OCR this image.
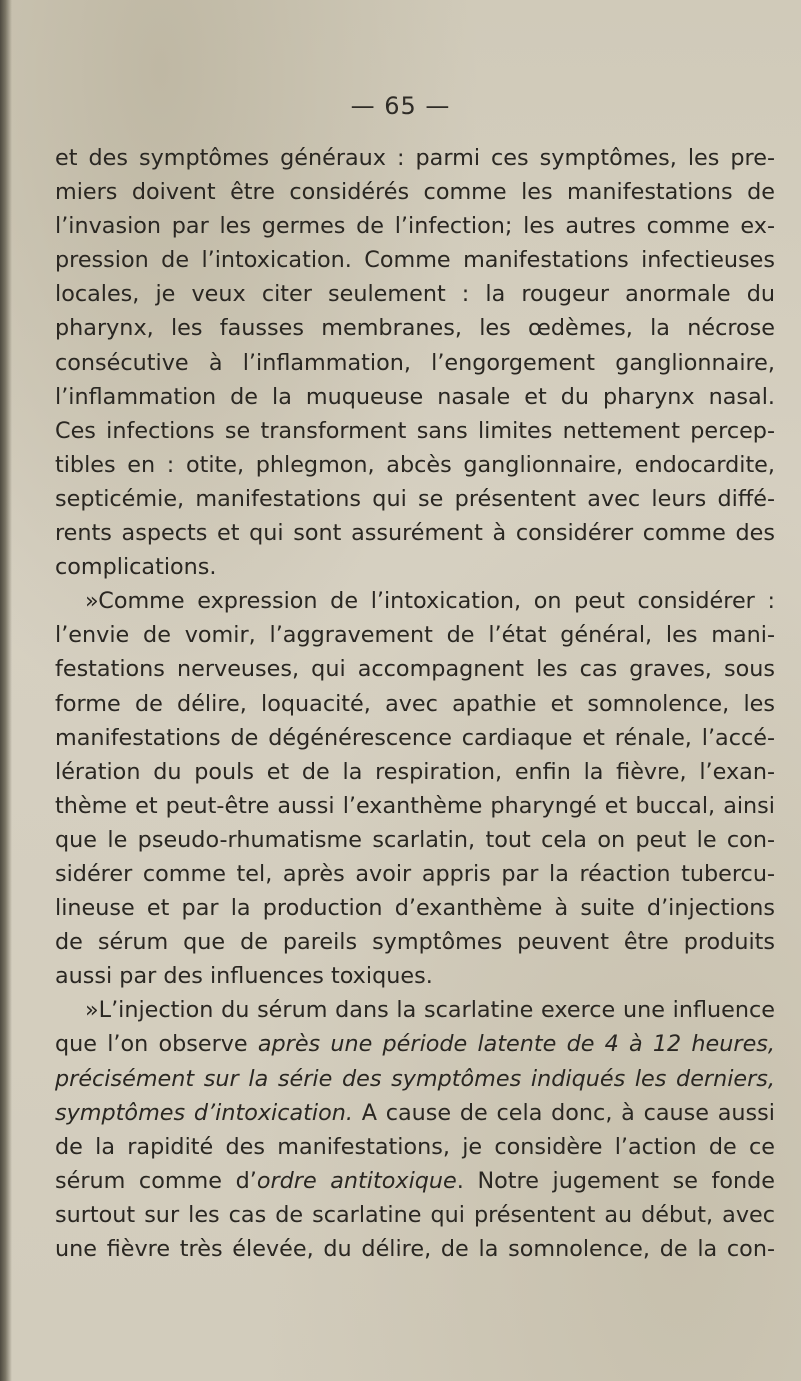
— 65 —
et des symptômes généraux : parmi ces symptômes, les pre-
miers doivent être considérés comme les manifestations de
l’invasion par les germes de l’infection; les autres comme ex-
pression de l’intoxication. Comme manifestations infectieuses
locales, je veux citer seulement : la rougeur anormale du
pharynx, les fausses membranes, les œdèmes, la nécrose
consécutive à l’inflammation, l’engorgement ganglionnaire,
l’inflammation de la muqueuse nasale et du pharynx nasal.
Ces infections se transforment sans limites nettement percep-
tibles en : otite, phlegmon, abcès ganglionnaire, endocardite,
septicémie, manifestations qui se présentent avec leurs diffé-
rents aspects et qui sont assurément à considérer comme des
complications.
»Comme expression de l’intoxication, on peut considérer :
l’envie de vomir, l’aggravement de l’état général, les mani-
festations nerveuses, qui accompagnent les cas graves, sous
forme de délire, loquacité, avec apathie et somnolence, les
manifestations de dégénérescence cardiaque et rénale, l’accé-
lération du pouls et de la respiration, enfin la fièvre, l’exan-
thème et peut-être aussi l’exanthème pharyngé et buccal, ainsi
que le pseudo-rhumatisme scarlatin, tout cela on peut le con-
sidérer comme tel, après avoir appris par la réaction tubercu-
lineuse et par la production d’exanthème à suite d’injections
de sérum que de pareils symptômes peuvent être produits
aussi par des influences toxiques.
»L’injection du sérum dans la scarlatine exerce une influence
que l’on observe après une période latente de 4 à 12 heures,
précisément sur la série des symptômes indiqués les derniers,
symptômes d’intoxication. A cause de cela donc, à cause aussi
de la rapidité des manifestations, je considère l’action de ce
sérum comme d’ordre antitoxique. Notre jugement se fonde
surtout sur les cas de scarlatine qui présentent au début, avec
une fièvre très élevée, du délire, de la somnolence, de la con-
